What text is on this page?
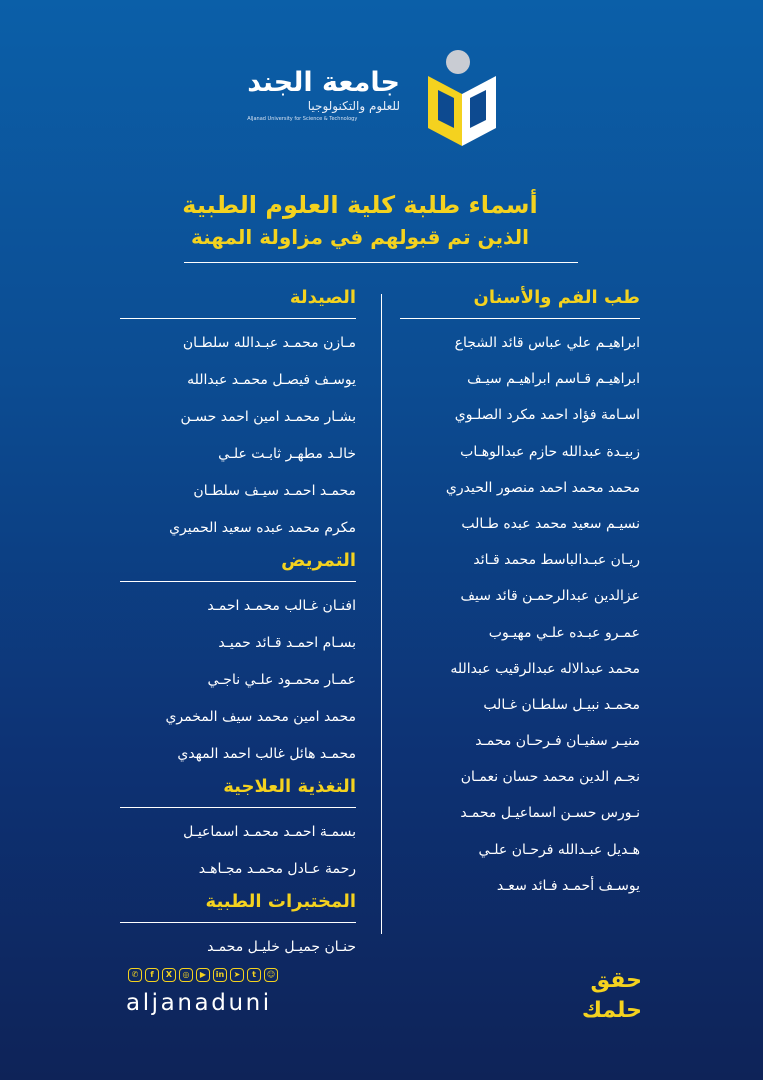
جامعة الجند
للعلوم والتكنولوجيا
AlJanad University for Science & Technology
أسماء طلبة كلية العلوم الطبية
الذين تم قبولهم في مزاولة المهنة
طب الفم والأسنان
ابراهيـم علي عباس قائد الشجاع
ابراهيـم قـاسم ابراهيـم سيـف
اسـامة فؤاد احمد مكرد الصلـوي
زبيـدة عبدالله حازم عبدالوهـاب
محمد محمد احمد منصور الحيدري
نسيـم سعيد محمد عبده طـالب
ريـان عبـدالباسط محمد قـائد
عزالدين عبدالرحمـن قائد سيف
عمـرو عبـده علـي مهيـوب
محمد عبدالاله عبدالرقيب عبدالله
محمـد نبيـل سلطـان غـالب
منيـر سفيـان فـرحـان محمـد
نجـم الدين محمد حسان نعمـان
نـورس حسـن اسماعيـل محمـد
هـديل عبـدالله فرحـان علـي
يوسـف أحمـد فـائد سعـد
الصيدلة
مـازن محمـد عبـدالله سلطـان
يوسـف فيصـل محمـد عبدالله
بشـار محمـد امين احمد حسـن
خالـد مطهـر ثابـت علـي
محمـد احمـد سيـف سلطـان
مكرم محمد عبده سعيد الحميري
التمريض
افنـان غـالب محمـد احمـد
بسـام احمـد قـائد حميـد
عمـار محمـود علـي ناجـي
محمد امين محمد سيف المخمري
محمـد هائل غالب احمد المهدي
التغذية العلاجية
بسمـة احمـد محمـد اسماعيـل
رحمة عـادل محمـد مجـاهـد
المختبرات الطبية
حنـان جميـل خليـل محمـد
✆	f	X	◎	▶	in	➤	t	☺
aljanaduni
حقق
حلمك
